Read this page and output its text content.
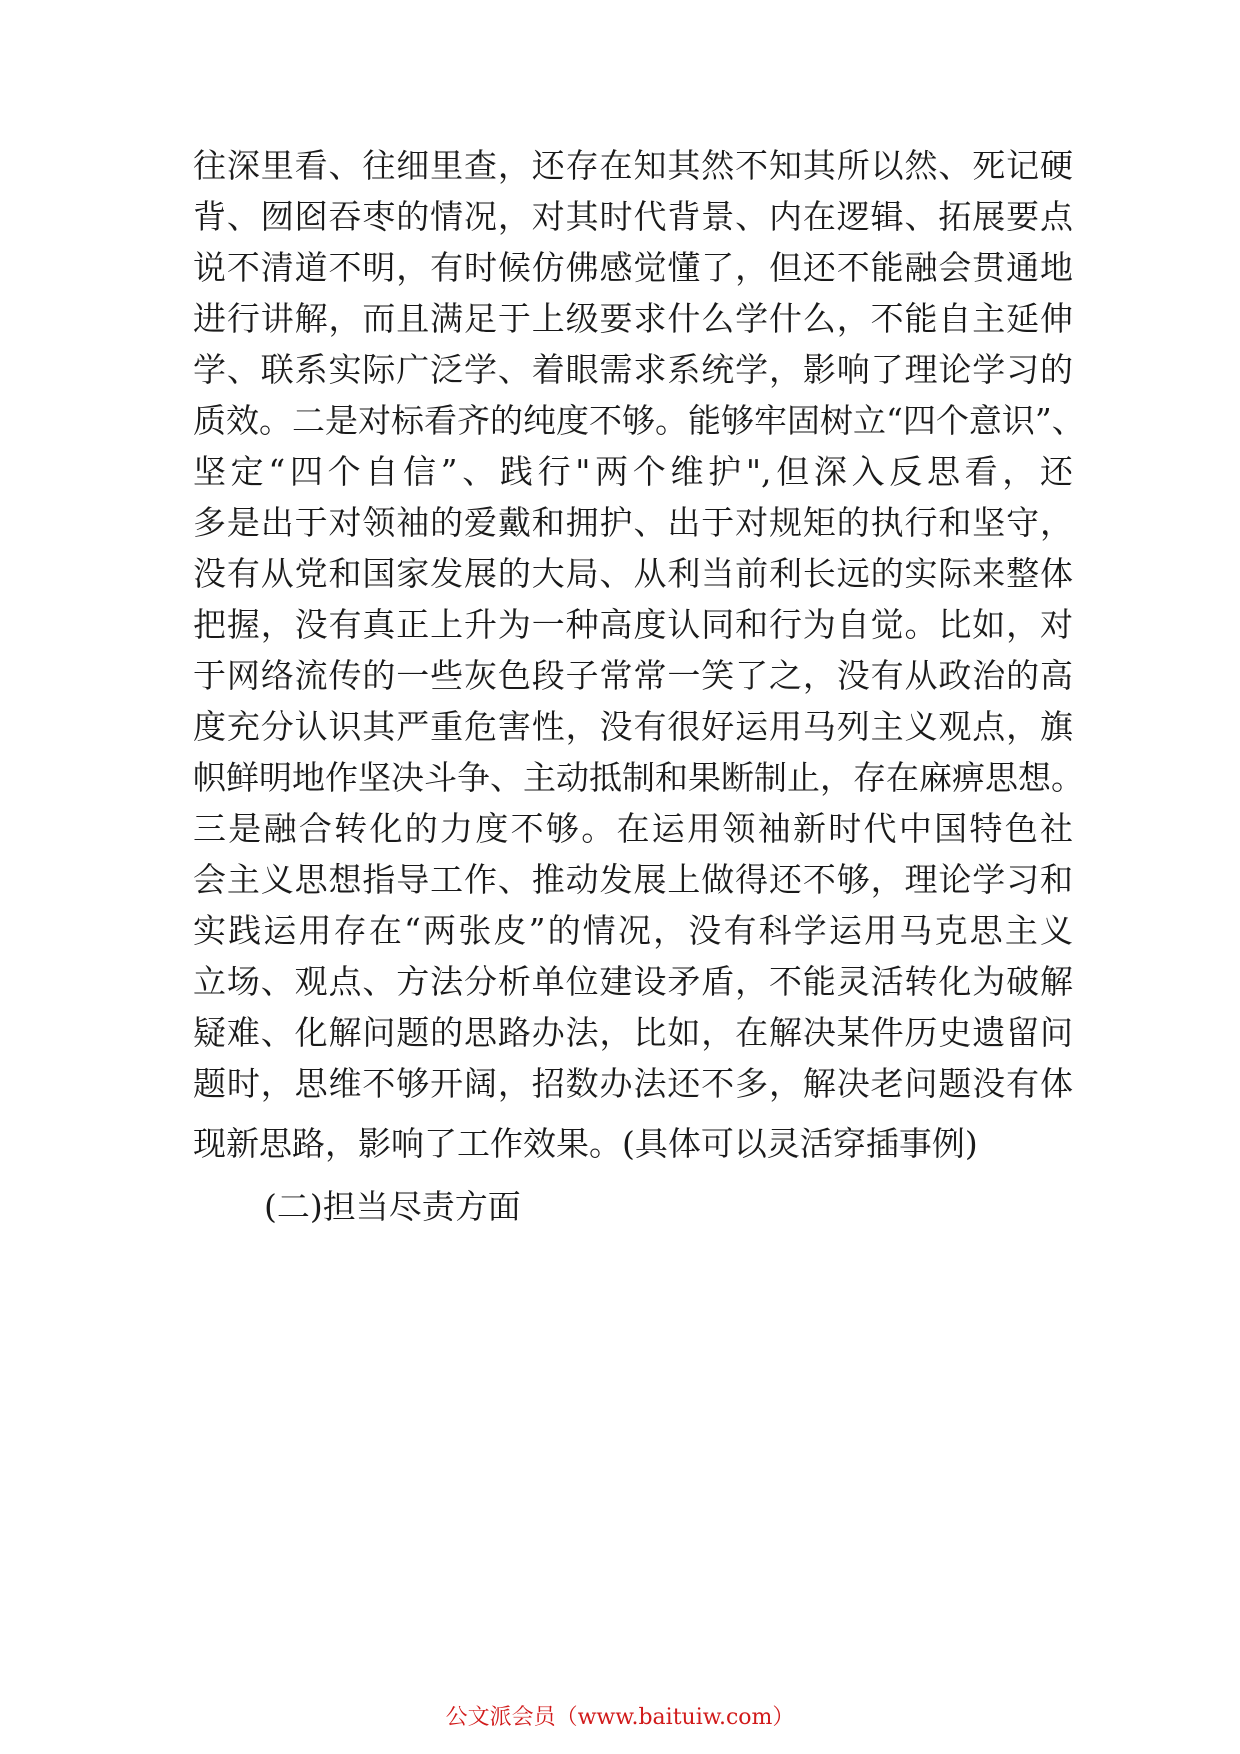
往深里看、往细里查，还存在知其然不知其所以然、死记硬
背、囫囵吞枣的情况，对其时代背景、内在逻辑、拓展要点
说不清道不明，有时候仿佛感觉懂了，但还不能融会贯通地
进行讲解，而且满足于上级要求什么学什么，不能自主延伸
学、联系实际广泛学、着眼需求系统学，影响了理论学习的
质效。二是对标看齐的纯度不够。能够牢固树立“四个意识”、
坚定“四个自信”、践行"两个维护",但深入反思看，还
多是出于对领袖的爱戴和拥护、出于对规矩的执行和坚守，
没有从党和国家发展的大局、从利当前利长远的实际来整体
把握，没有真正上升为一种高度认同和行为自觉。比如，对
于网络流传的一些灰色段子常常一笑了之，没有从政治的高
度充分认识其严重危害性，没有很好运用马列主义观点，旗
帜鲜明地作坚决斗争、主动抵制和果断制止，存在麻痹思想。
三是融合转化的力度不够。在运用领袖新时代中国特色社
会主义思想指导工作、推动发展上做得还不够，理论学习和
实践运用存在“两张皮”的情况，没有科学运用马克思主义
立场、观点、方法分析单位建设矛盾，不能灵活转化为破解
疑难、化解问题的思路办法，比如，在解决某件历史遗留问
题时，思维不够开阔，招数办法还不多，解决老问题没有体
现新思路，影响了工作效果。(具体可以灵活穿插事例)
(二)担当尽责方面
公文派会员（www.baituiw.com）
